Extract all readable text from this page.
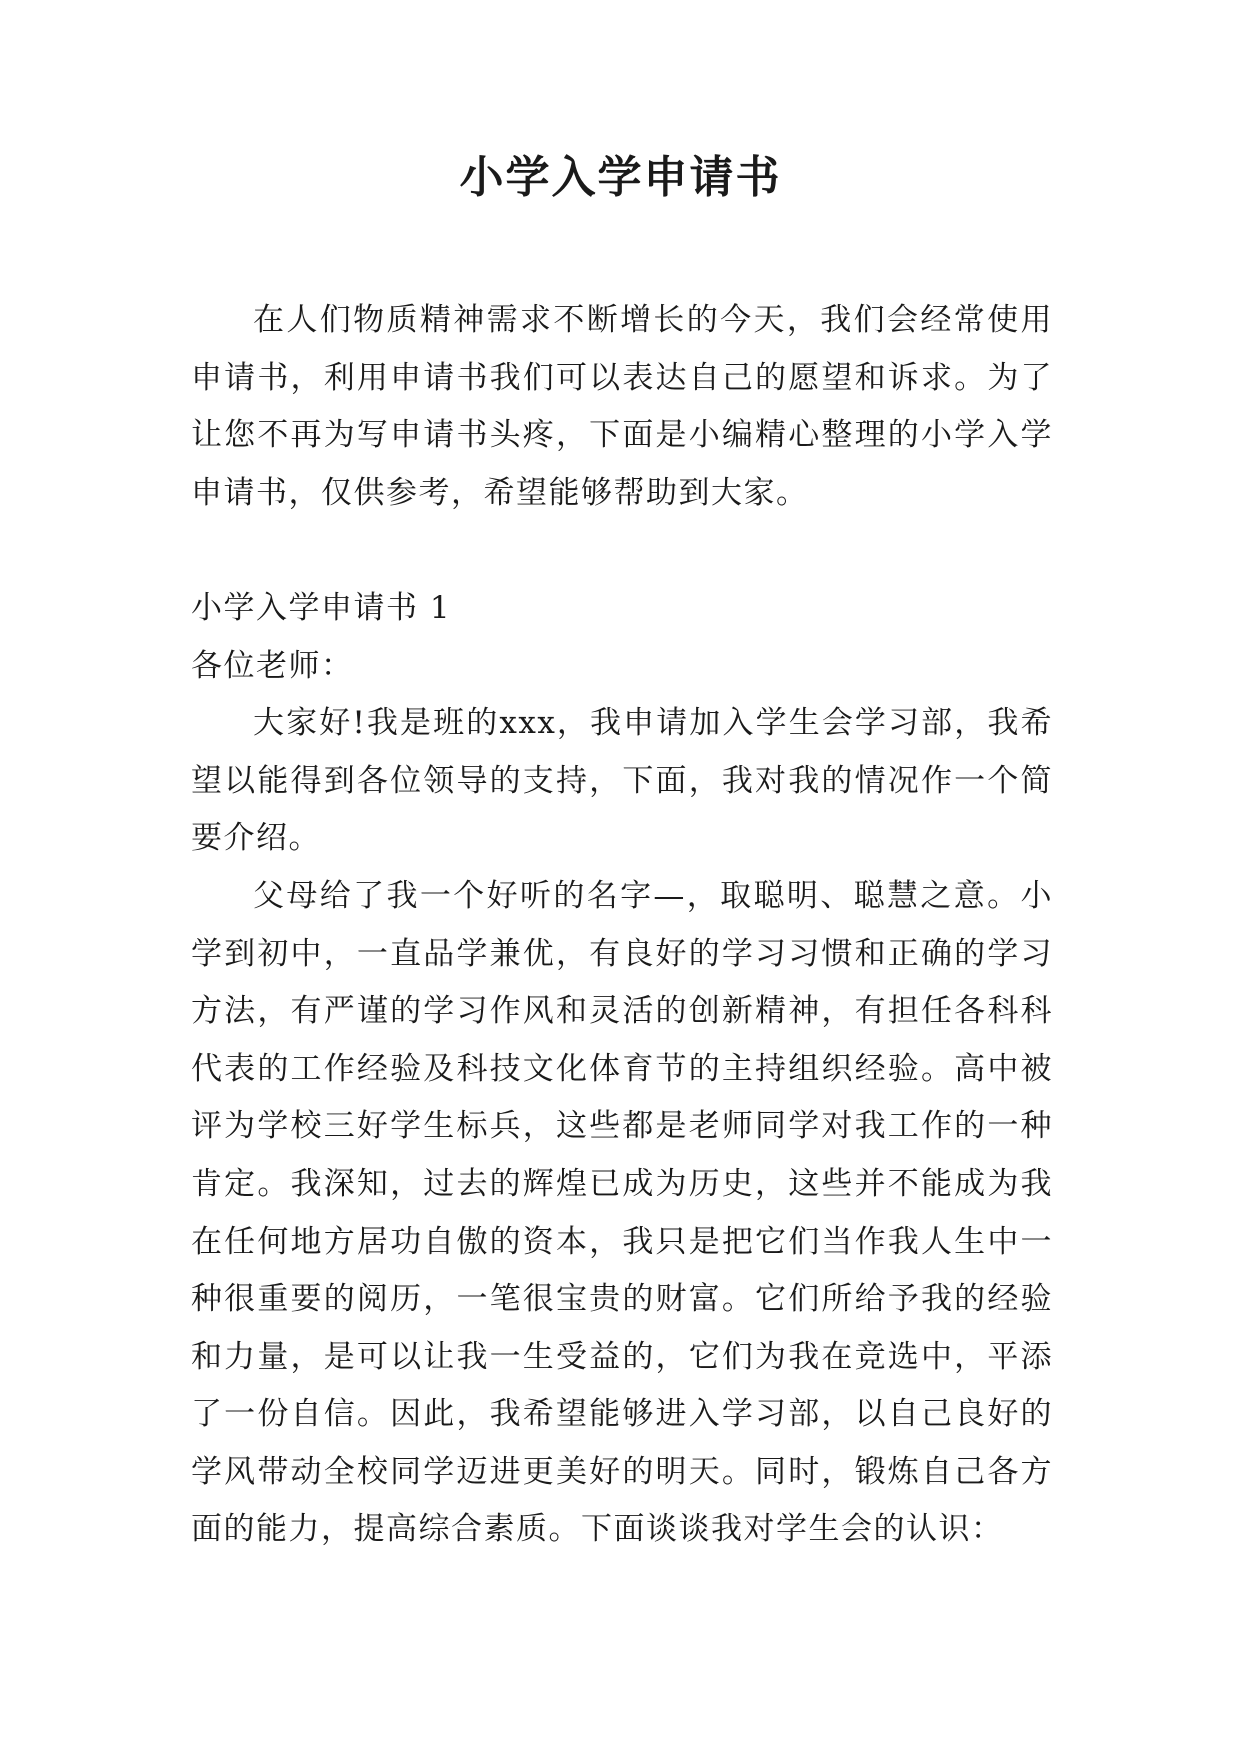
小学入学申请书

在人们物质精神需求不断增长的今天，我们会经常使用申请书，利用申请书我们可以表达自己的愿望和诉求。为了让您不再为写申请书头疼，下面是小编精心整理的小学入学申请书，仅供参考，希望能够帮助到大家。

小学入学申请书 1

各位老师：

大家好!我是班的xxx，我申请加入学生会学习部，我希望以能得到各位领导的支持，下面，我对我的情况作一个简要介绍。

父母给了我一个好听的名字—，取聪明、聪慧之意。小学到初中，一直品学兼优，有良好的学习习惯和正确的学习方法，有严谨的学习作风和灵活的创新精神，有担任各科科代表的工作经验及科技文化体育节的主持组织经验。高中被评为学校三好学生标兵，这些都是老师同学对我工作的一种肯定。我深知，过去的辉煌已成为历史，这些并不能成为我在任何地方居功自傲的资本，我只是把它们当作我人生中一种很重要的阅历，一笔很宝贵的财富。它们所给予我的经验和力量，是可以让我一生受益的，它们为我在竞选中，平添了一份自信。因此，我希望能够进入学习部，以自己良好的学风带动全校同学迈进更美好的明天。同时，锻炼自己各方面的能力，提高综合素质。下面谈谈我对学生会的认识：
